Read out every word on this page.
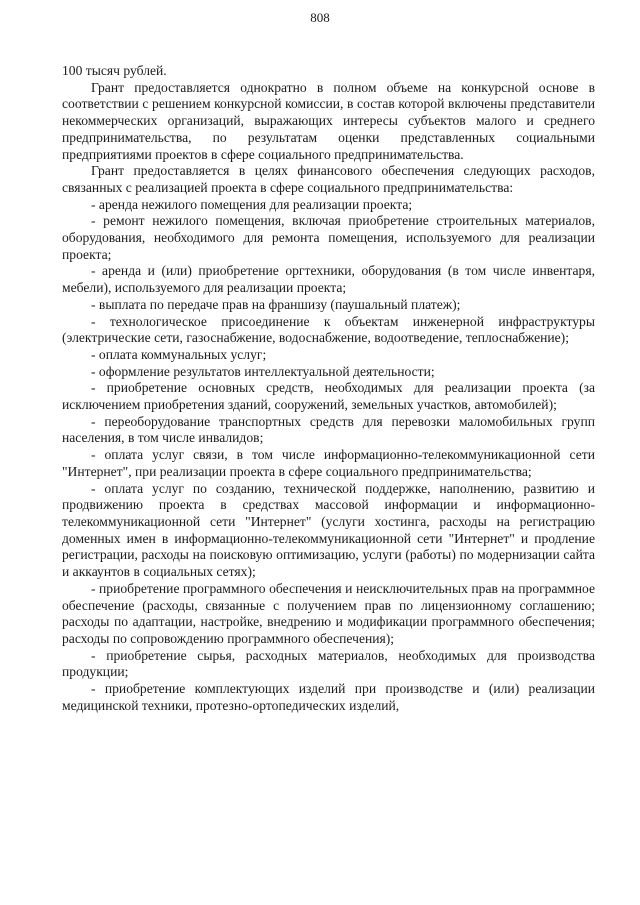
808

100 тысяч рублей.

Грант предоставляется однократно в полном объеме на конкурсной основе в соответствии с решением конкурсной комиссии, в состав которой включены представители некоммерческих организаций, выражающих интересы субъектов малого и среднего предпринимательства, по результатам оценки представленных социальными предприятиями проектов в сфере социального предпринимательства.

Грант предоставляется в целях финансового обеспечения следующих расходов, связанных с реализацией проекта в сфере социального предпринимательства:

- аренда нежилого помещения для реализации проекта;

- ремонт нежилого помещения, включая приобретение строительных материалов, оборудования, необходимого для ремонта помещения, используемого для реализации проекта;

- аренда и (или) приобретение оргтехники, оборудования (в том числе инвентаря, мебели), используемого для реализации проекта;

- выплата по передаче прав на франшизу (паушальный платеж);

- технологическое присоединение к объектам инженерной инфраструктуры (электрические сети, газоснабжение, водоснабжение, водоотведение, теплоснабжение);

- оплата коммунальных услуг;

- оформление результатов интеллектуальной деятельности;

- приобретение основных средств, необходимых для реализации проекта (за исключением приобретения зданий, сооружений, земельных участков, автомобилей);

- переоборудование транспортных средств для перевозки маломобильных групп населения, в том числе инвалидов;

- оплата услуг связи, в том числе информационно-телекоммуникационной сети "Интернет", при реализации проекта в сфере социального предпринимательства;

- оплата услуг по созданию, технической поддержке, наполнению, развитию и продвижению проекта в средствах массовой информации и информационно-телекоммуникационной сети "Интернет" (услуги хостинга, расходы на регистрацию доменных имен в информационно-телекоммуникационной сети "Интернет" и продление регистрации, расходы на поисковую оптимизацию, услуги (работы) по модернизации сайта и аккаунтов в социальных сетях);

- приобретение программного обеспечения и неисключительных прав на программное обеспечение (расходы, связанные с получением прав по лицензионному соглашению; расходы по адаптации, настройке, внедрению и модификации программного обеспечения; расходы по сопровождению программного обеспечения);

- приобретение сырья, расходных материалов, необходимых для производства продукции;

- приобретение комплектующих изделий при производстве и (или) реализации медицинской техники, протезно-ортопедических изделий,
